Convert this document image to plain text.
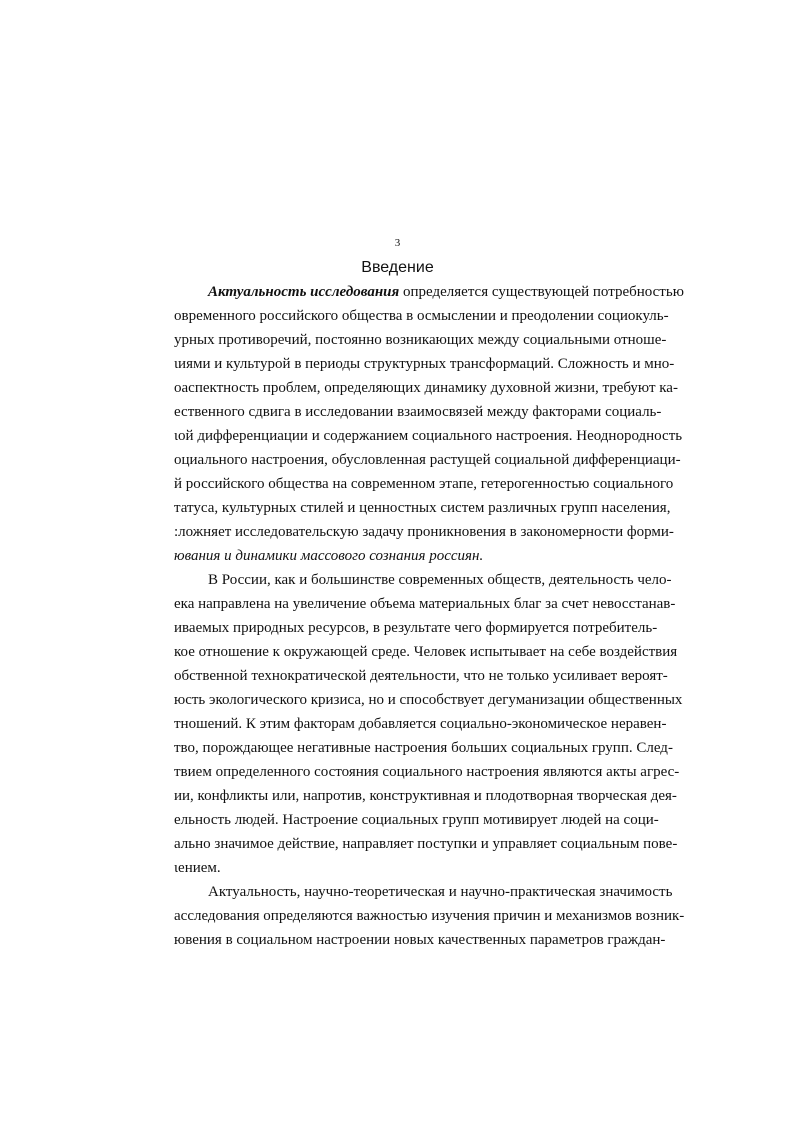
3
Введение
Актуальность исследования определяется существующей потребностью
овременного российского общества в осмыслении и преодолении социокуль-
урных противоречий, постоянно возникающих между социальными отноше-
ιиями и культурой в периоды структурных трансформаций. Сложность и мно-
оаспектность проблем, определяющих динамику духовной жизни, требуют ка-
ественного сдвига в исследовании взаимосвязей между факторами социаль-
ιой дифференциации и содержанием социального настроения. Неоднородность
оциального настроения, обусловленная растущей социальной дифференциаци-
й российского общества на современном этапе, гетерогенностью социального
татуса, культурных стилей и ценностных систем различных групп населения,
:ложняет исследовательскую задачу проникновения в закономерности форми-
ювания и динамики массового сознания россиян.
В России, как и большинстве современных обществ, деятельность чело-
ека направлена на увеличение объема материальных благ за счет невосстанав-
иваемых природных ресурсов, в результате чего формируется потребитель-
кое отношение к окружающей среде. Человек испытывает на себе воздействия
обственной технократической деятельности, что не только усиливает вероят-
юсть экологического кризиса, но и способствует дегуманизации общественных
тношений. К этим факторам добавляется социально-экономическое неравен-
тво, порождающее негативные настроения больших социальных групп. След-
твием определенного состояния социального настроения являются акты агрес-
ии, конфликты или, напротив, конструктивная и плодотворная творческая дея-
ельность людей. Настроение социальных групп мотивирует людей на соци-
ально значимое действие, направляет поступки и управляет социальным пове-
ιением.
Актуальность, научно-теоретическая и научно-практическая значимость
асследования определяются важностью изучения причин и механизмов возник-
ювения в социальном настроении новых качественных параметров граждан-
